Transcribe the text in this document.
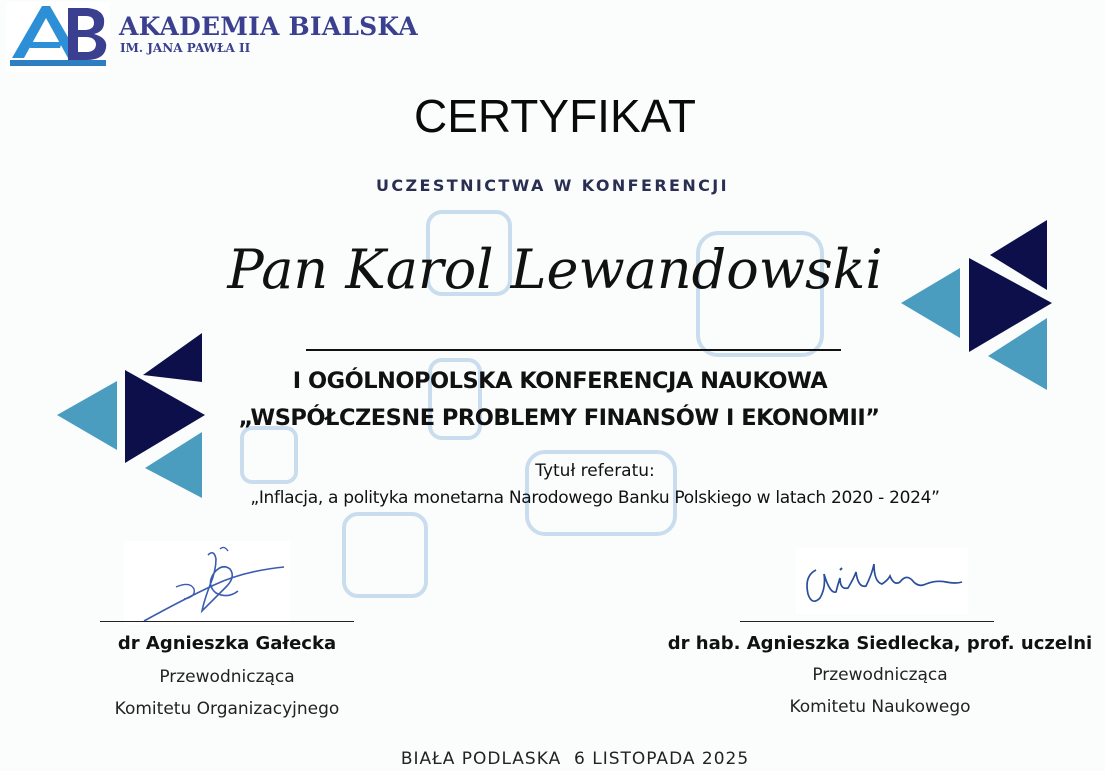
AKADEMIA BIALSKA
IM. JANA PAWŁA II
CERTYFIKAT
UCZESTNICTWA W KONFERENCJI
Pan Karol Lewandowski
I OGÓLNOPOLSKA KONFERENCJA NAUKOWA
„WSPÓŁCZESNE PROBLEMY FINANSÓW I EKONOMII”
Tytuł referatu:
„Inflacja, a polityka monetarna Narodowego Banku Polskiego w latach 2020 - 2024”
dr Agnieszka Gałecka
Przewodnicząca
Komitetu Organizacyjnego
dr hab. Agnieszka Siedlecka, prof. uczelni
Przewodnicząca
Komitetu Naukowego
BIAŁA PODLASKA  6 LISTOPADA 2025
